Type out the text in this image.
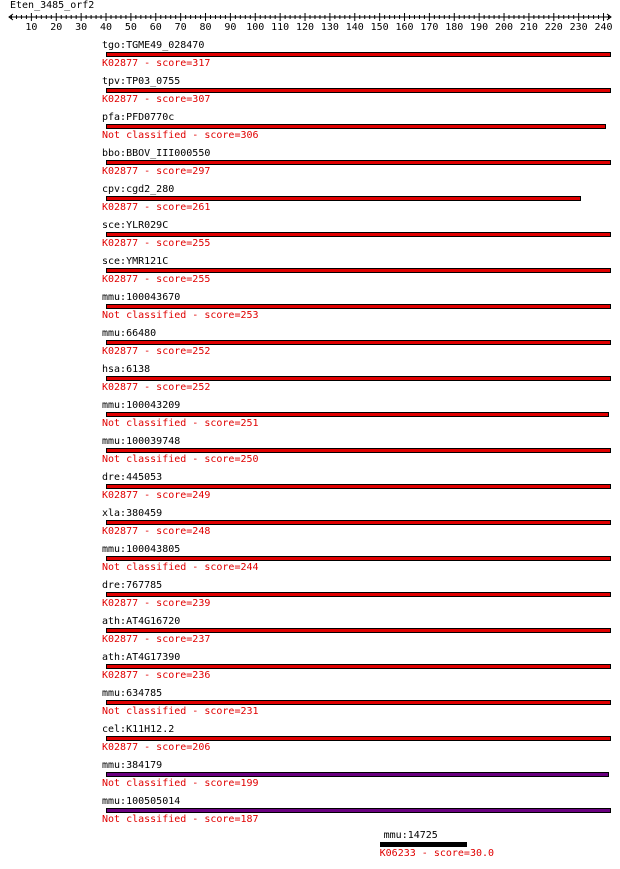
Eten_3485_orf2
10 20 30 40 50 60 70 80 90 100 110 120 130 140 150 160 170 180 190 200 210 220 230 240
tgo:TGME49_028470
K02877 - score=317
tpv:TP03_0755
K02877 - score=307
pfa:PFD0770c
Not classified - score=306
bbo:BBOV_III000550
K02877 - score=297
cpv:cgd2_280
K02877 - score=261
sce:YLR029C
K02877 - score=255
sce:YMR121C
K02877 - score=255
mmu:100043670
Not classified - score=253
mmu:66480
K02877 - score=252
hsa:6138
K02877 - score=252
mmu:100043209
Not classified - score=251
mmu:100039748
Not classified - score=250
dre:445053
K02877 - score=249
xla:380459
K02877 - score=248
mmu:100043805
Not classified - score=244
dre:767785
K02877 - score=239
ath:AT4G16720
K02877 - score=237
ath:AT4G17390
K02877 - score=236
mmu:634785
Not classified - score=231
cel:K11H12.2
K02877 - score=206
mmu:384179
Not classified - score=199
mmu:100505014
Not classified - score=187
mmu:14725
K06233 - score=30.0
